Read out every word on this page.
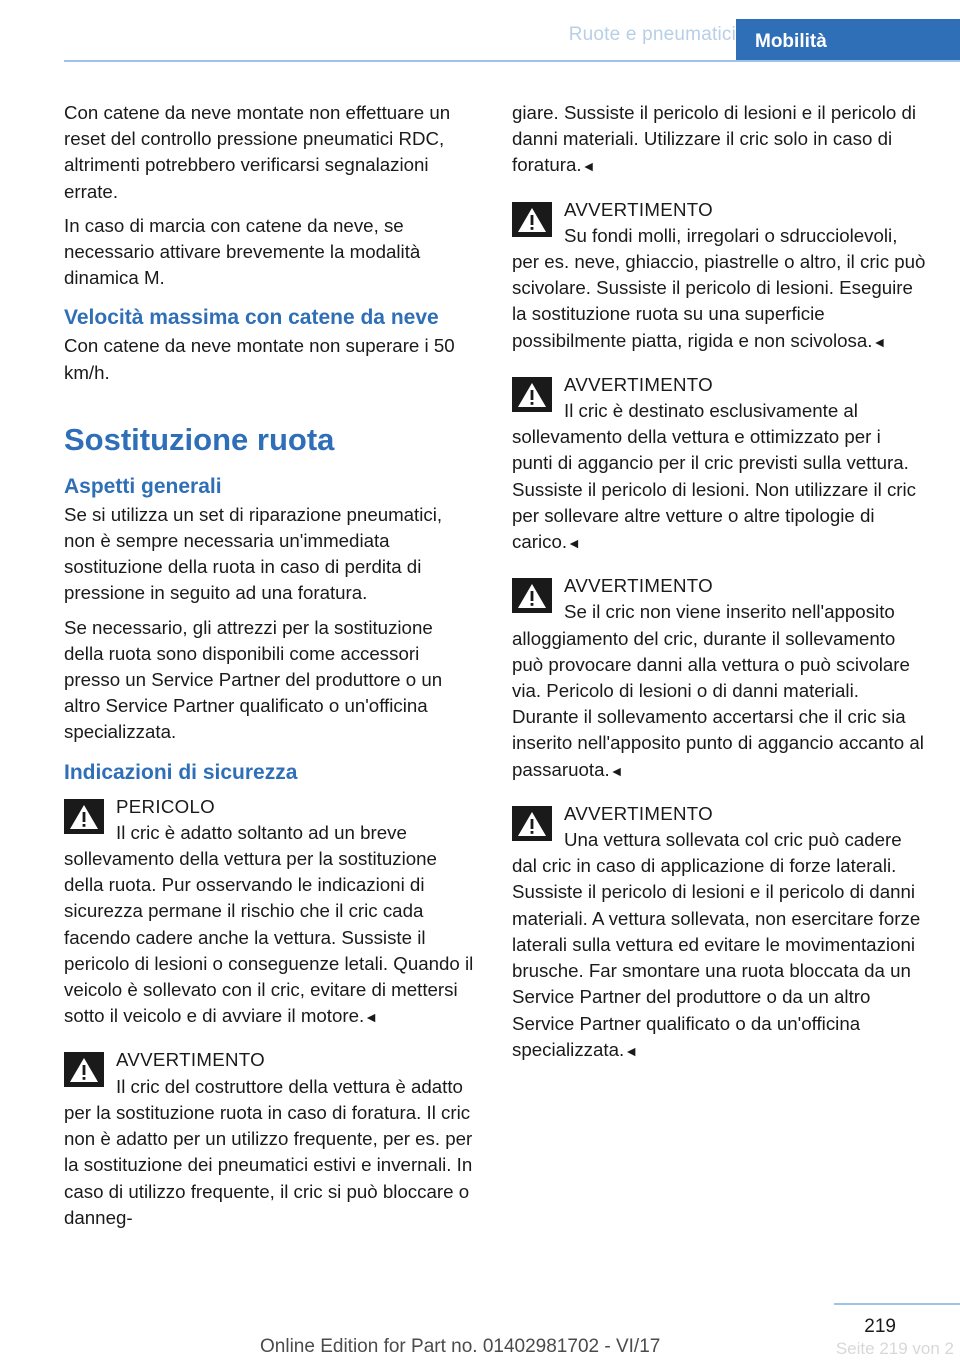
Ruote e pneumatici	Mobilità

Con catene da neve montate non effettuare un reset del controllo pressione pneumatici RDC, altrimenti potrebbero verificarsi segnalazioni errate.

In caso di marcia con catene da neve, se necessario attivare brevemente la modalità dinamica M.

Velocità massima con catene da neve

Con catene da neve montate non superare i 50 km/h.

Sostituzione ruota
Aspetti generali

Se si utilizza un set di riparazione pneumatici, non è sempre necessaria un'immediata sostituzione della ruota in caso di perdita di pressione in seguito ad una foratura.

Se necessario, gli attrezzi per la sostituzione della ruota sono disponibili come accessori presso un Service Partner del produttore o un altro Service Partner qualificato o un'officina specializzata.

Indicazioni di sicurezza
PERICOLO
Il cric è adatto soltanto ad un breve sollevamento della vettura per la sostituzione della ruota. Pur osservando le indicazioni di sicurezza permane il rischio che il cric cada facendo cadere anche la vettura. Sussiste il pericolo di lesioni o conseguenze letali. Quando il veicolo è sollevato con il cric, evitare di mettersi sotto il veicolo e di avviare il motore.◄
AVVERTIMENTO
Il cric del costruttore della vettura è adatto per la sostituzione ruota in caso di foratura. Il cric non è adatto per un utilizzo frequente, per es. per la sostituzione dei pneumatici estivi e invernali. In caso di utilizzo frequente, il cric si può bloccare o danneg-

giare. Sussiste il pericolo di lesioni e il pericolo di danni materiali. Utilizzare il cric solo in caso di foratura.◄

AVVERTIMENTO
Su fondi molli, irregolari o sdrucciolevoli, per es. neve, ghiaccio, piastrelle o altro, il cric può scivolare. Sussiste il pericolo di lesioni. Eseguire la sostituzione ruota su una superficie possibilmente piatta, rigida e non scivolosa.◄
AVVERTIMENTO
Il cric è destinato esclusivamente al sollevamento della vettura e ottimizzato per i punti di aggancio per il cric previsti sulla vettura. Sussiste il pericolo di lesioni. Non utilizzare il cric per sollevare altre vetture o altre tipologie di carico.◄
AVVERTIMENTO
Se il cric non viene inserito nell'apposito alloggiamento del cric, durante il sollevamento può provocare danni alla vettura o può scivolare via. Pericolo di lesioni o di danni materiali. Durante il sollevamento accertarsi che il cric sia inserito nell'apposito punto di aggancio accanto al passaruota.◄
AVVERTIMENTO
Una vettura sollevata col cric può cadere dal cric in caso di applicazione di forze laterali. Sussiste il pericolo di lesioni e il pericolo di danni materiali. A vettura sollevata, non esercitare forze laterali sulla vettura ed evitare le movimentazioni brusche. Far smontare una ruota bloccata da un Service Partner del produttore o da un altro Service Partner qualificato o da un'officina specializzata.◄
219
Seite 219 von 2
Online Edition for Part no. 01402981702 - VI/17
